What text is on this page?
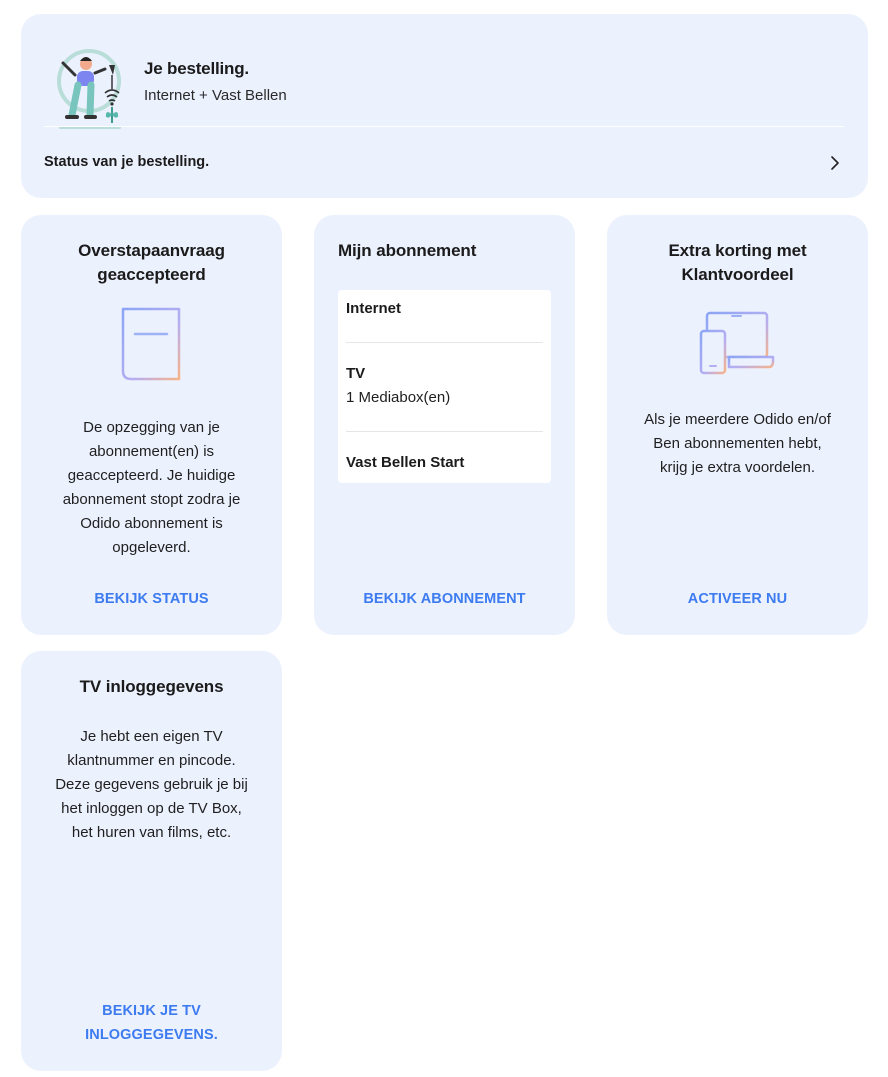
Je bestelling.
Internet + Vast Bellen
Status van je bestelling.
Overstapaanvraag
geaccepteerd
De opzegging van je
abonnement(en) is
geaccepteerd. Je huidige
abonnement stopt zodra je
Odido abonnement is
opgeleverd.
BEKIJK STATUS
Mijn abonnement
Internet
TV
1 Mediabox(en)
Vast Bellen Start
BEKIJK ABONNEMENT
Extra korting met
Klantvoordeel
Als je meerdere Odido en/of
Ben abonnementen hebt,
krijg je extra voordelen.
ACTIVEER NU
TV inloggegevens
Je hebt een eigen TV
klantnummer en pincode.
Deze gegevens gebruik je bij
het inloggen op de TV Box,
het huren van films, etc.
BEKIJK JE TV
INLOGGEGEVENS.
